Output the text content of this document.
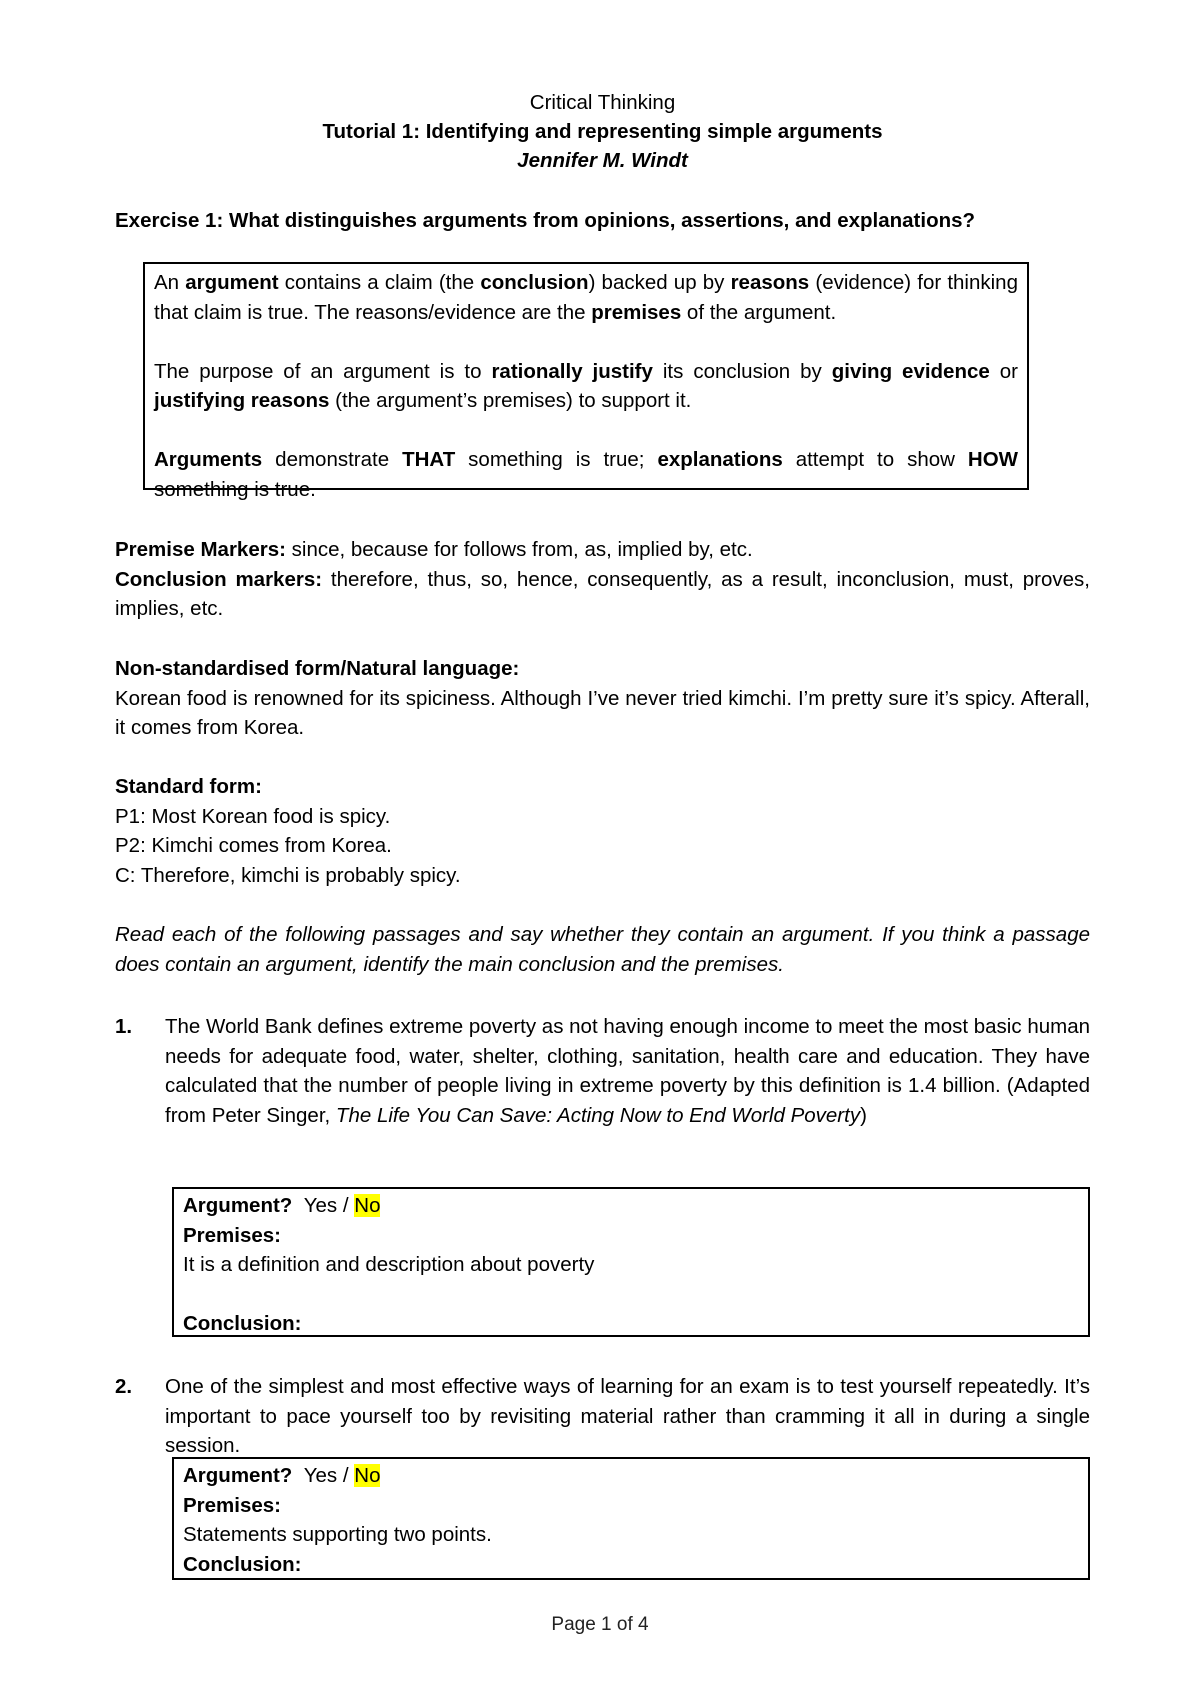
Critical Thinking
Tutorial 1: Identifying and representing simple arguments
Jennifer M. Windt
Exercise 1: What distinguishes arguments from opinions, assertions, and explanations?

An argument contains a claim (the conclusion) backed up by reasons (evidence) for thinking that claim is true. The reasons/evidence are the premises of the argument.

The purpose of an argument is to rationally justify its conclusion by giving evidence or justifying reasons (the argument’s premises) to support it.

Arguments demonstrate THAT something is true; explanations attempt to show HOW something is true.

Premise Markers: since, because for follows from, as, implied by, etc.

Conclusion markers: therefore, thus, so, hence, consequently, as a result, inconclusion, must, proves, implies, etc.

Non-standardised form/Natural language:

Korean food is renowned for its spiciness. Although I’ve never tried kimchi. I’m pretty sure it’s spicy. Afterall, it comes from Korea.

Standard form:

P1: Most Korean food is spicy.

P2: Kimchi comes from Korea.

C: Therefore, kimchi is probably spicy.

Read each of the following passages and say whether they contain an argument. If you think a passage does contain an argument, identify the main conclusion and the premises.
1. The World Bank defines extreme poverty as not having enough income to meet the most basic human needs for adequate food, water, shelter, clothing, sanitation, health care and education. They have calculated that the number of people living in extreme poverty by this definition is 1.4 billion. (Adapted from Peter Singer, The Life You Can Save: Acting Now to End World Poverty)
Argument? Yes / No
Premises:
It is a definition and description about poverty
Conclusion:
2. One of the simplest and most effective ways of learning for an exam is to test yourself repeatedly. It’s important to pace yourself too by revisiting material rather than cramming it all in during a single session.
Argument? Yes / No
Premises:
Statements supporting two points.
Conclusion:
Page 1 of 4
